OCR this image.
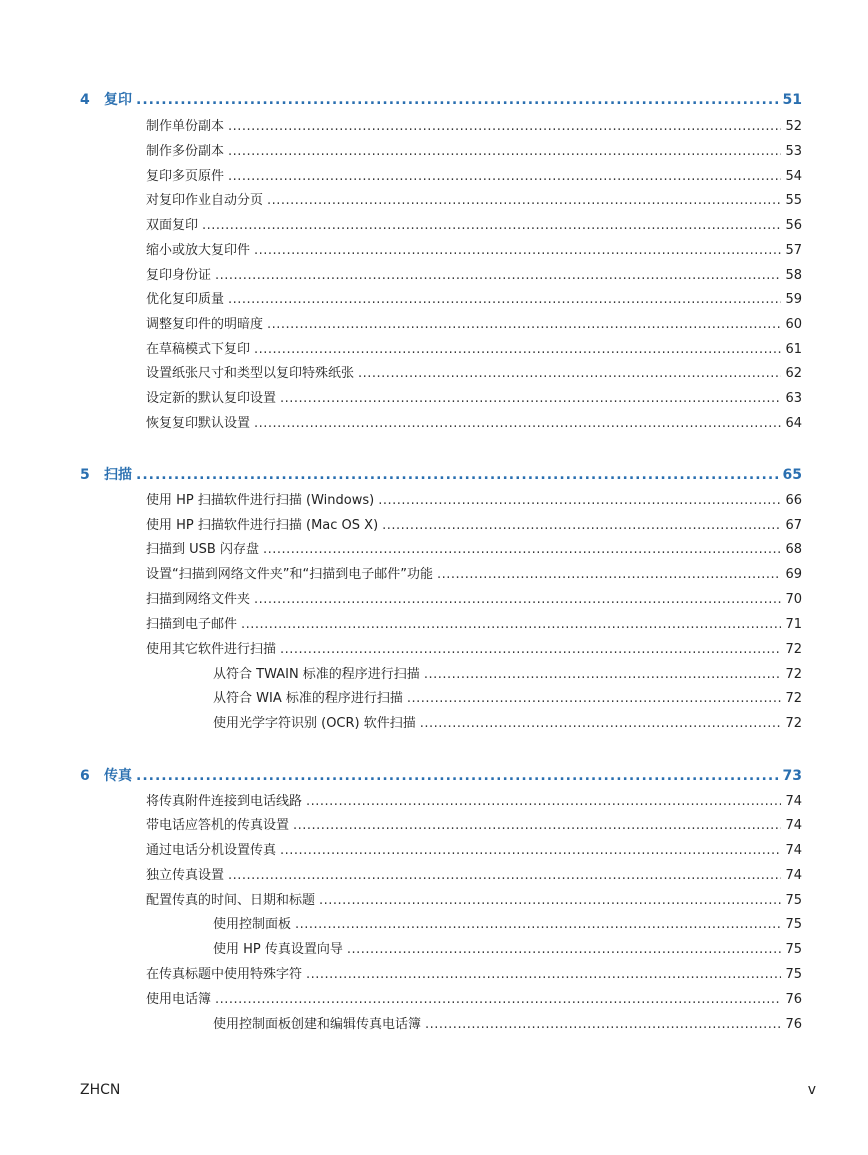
4	复印 .....	51
制作单份副本 .....	52
制作多份副本 .....	53
复印多页原件 .....	54
对复印作业自动分页 .....	55
双面复印 .....	56
缩小或放大复印件 .....	57
复印身份证 .....	58
优化复印质量 .....	59
调整复印件的明暗度 .....	60
在草稿模式下复印 .....	61
设置纸张尺寸和类型以复印特殊纸张 .....	62
设定新的默认复印设置 .....	63
恢复复印默认设置 .....	64
5	扫描 .....	65
使用 HP 扫描软件进行扫描 (Windows) .....	66
使用 HP 扫描软件进行扫描 (Mac OS X) .....	67
扫描到 USB 闪存盘 .....	68
设置“扫描到网络文件夹”和“扫描到电子邮件”功能 .....	69
扫描到网络文件夹 .....	70
扫描到电子邮件 .....	71
使用其它软件进行扫描 .....	72
从符合 TWAIN 标准的程序进行扫描 .....	72
从符合 WIA 标准的程序进行扫描 .....	72
使用光学字符识别 (OCR) 软件扫描 .....	72
6	传真 .....	73
将传真附件连接到电话线路 .....	74
带电话应答机的传真设置 .....	74
通过电话分机设置传真 .....	74
独立传真设置 .....	74
配置传真的时间、日期和标题 .....	75
使用控制面板 .....	75
使用 HP 传真设置向导 .....	75
在传真标题中使用特殊字符 .....	75
使用电话簿 .....	76
使用控制面板创建和编辑传真电话簿 .....	76
ZHCN	v
